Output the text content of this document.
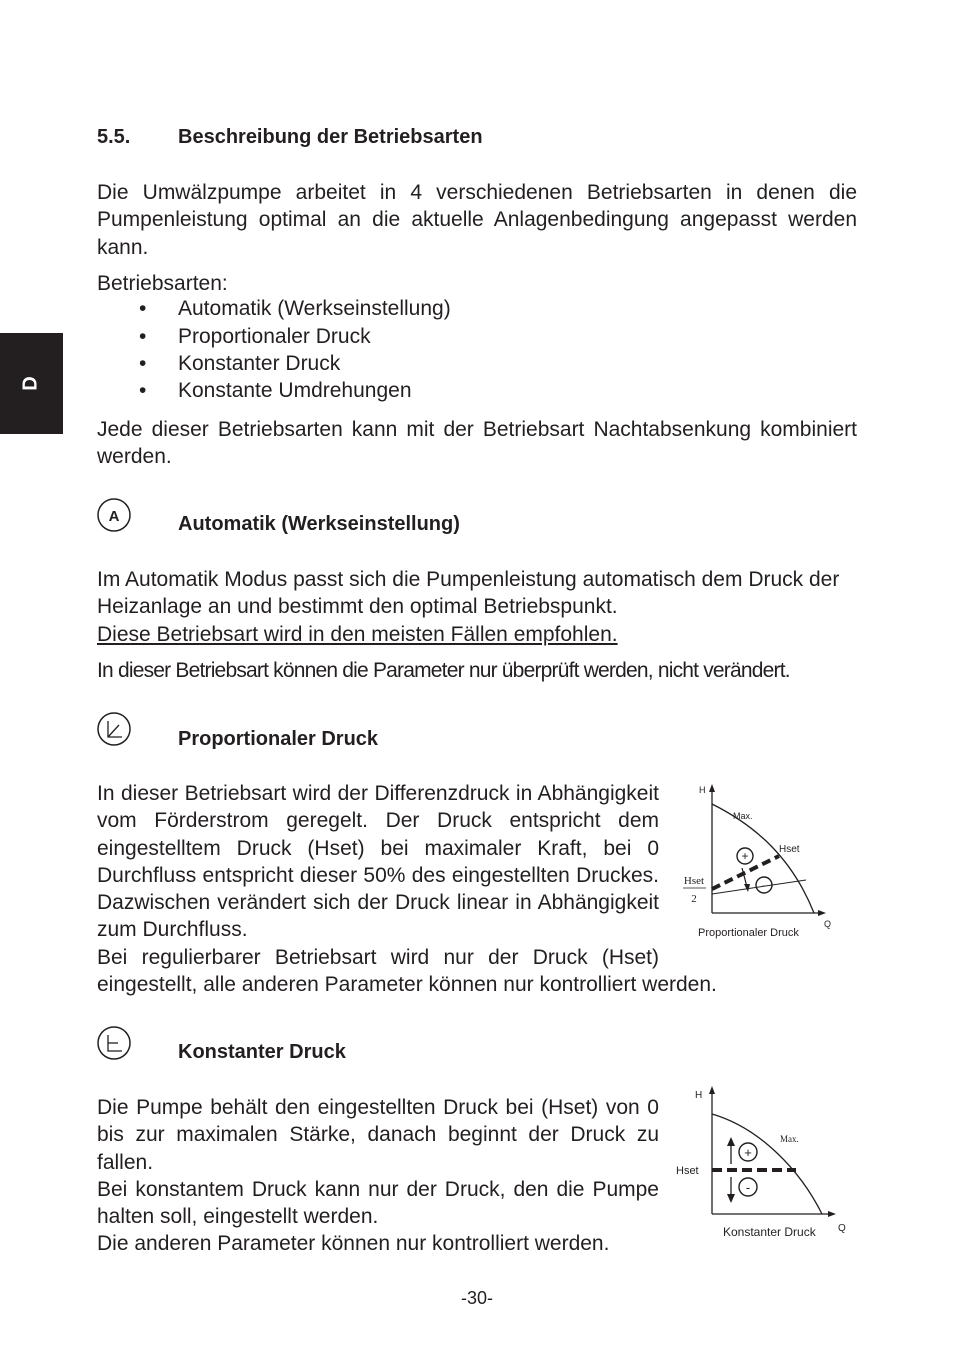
D
5.5. Beschreibung der Betriebsarten
Die Umwälzpumpe arbeitet in 4 verschiedenen Betriebsarten in denen die Pumpenleistung optimal an die aktuelle Anlagenbedingung angepasst werden kann.
Betriebsarten:
• Automatik (Werkseinstellung)
• Proportionaler Druck
• Konstanter Druck
• Konstante Umdrehungen
Jede dieser Betriebsarten kann mit der Betriebsart Nachtabsenkung kombiniert werden.
A	Automatik (Werkseinstellung)
Im Automatik Modus passt sich die Pumpenleistung automatisch dem Druck der Heizanlage an und bestimmt den optimal Betriebspunkt.
Diese Betriebsart wird in den meisten Fällen empfohlen.
In dieser Betriebsart können die Parameter nur überprüft werden, nicht verändert.
Proportionaler Druck
In dieser Betriebsart wird der Differenzdruck in Abhängigkeit vom Förderstrom geregelt. Der Druck entspricht dem eingestelltem Druck (Hset) bei maximaler Kraft, bei 0 Durchfluss entspricht dieser 50% des eingestellten Druckes. Dazwischen verändert sich der Druck linear in Abhängigkeit zum Durchfluss.
Bei regulierbarer Betriebsart wird nur der Druck (Hset)
eingestellt, alle anderen Parameter können nur kontrolliert werden.
+
-
H
Q
Max.
Hset
Hset
2
Proportionaler Druck
Konstanter Druck
Die Pumpe behält den eingestellten Druck bei (Hset) von 0 bis zur maximalen Stärke, danach beginnt der Druck zu fallen.
Bei konstantem Druck kann nur der Druck, den die Pumpe halten soll, eingestellt werden.
Die anderen Parameter können nur kontrolliert werden.
+
-
H
Q
Max.
Hset
Konstanter Druck
-30-
